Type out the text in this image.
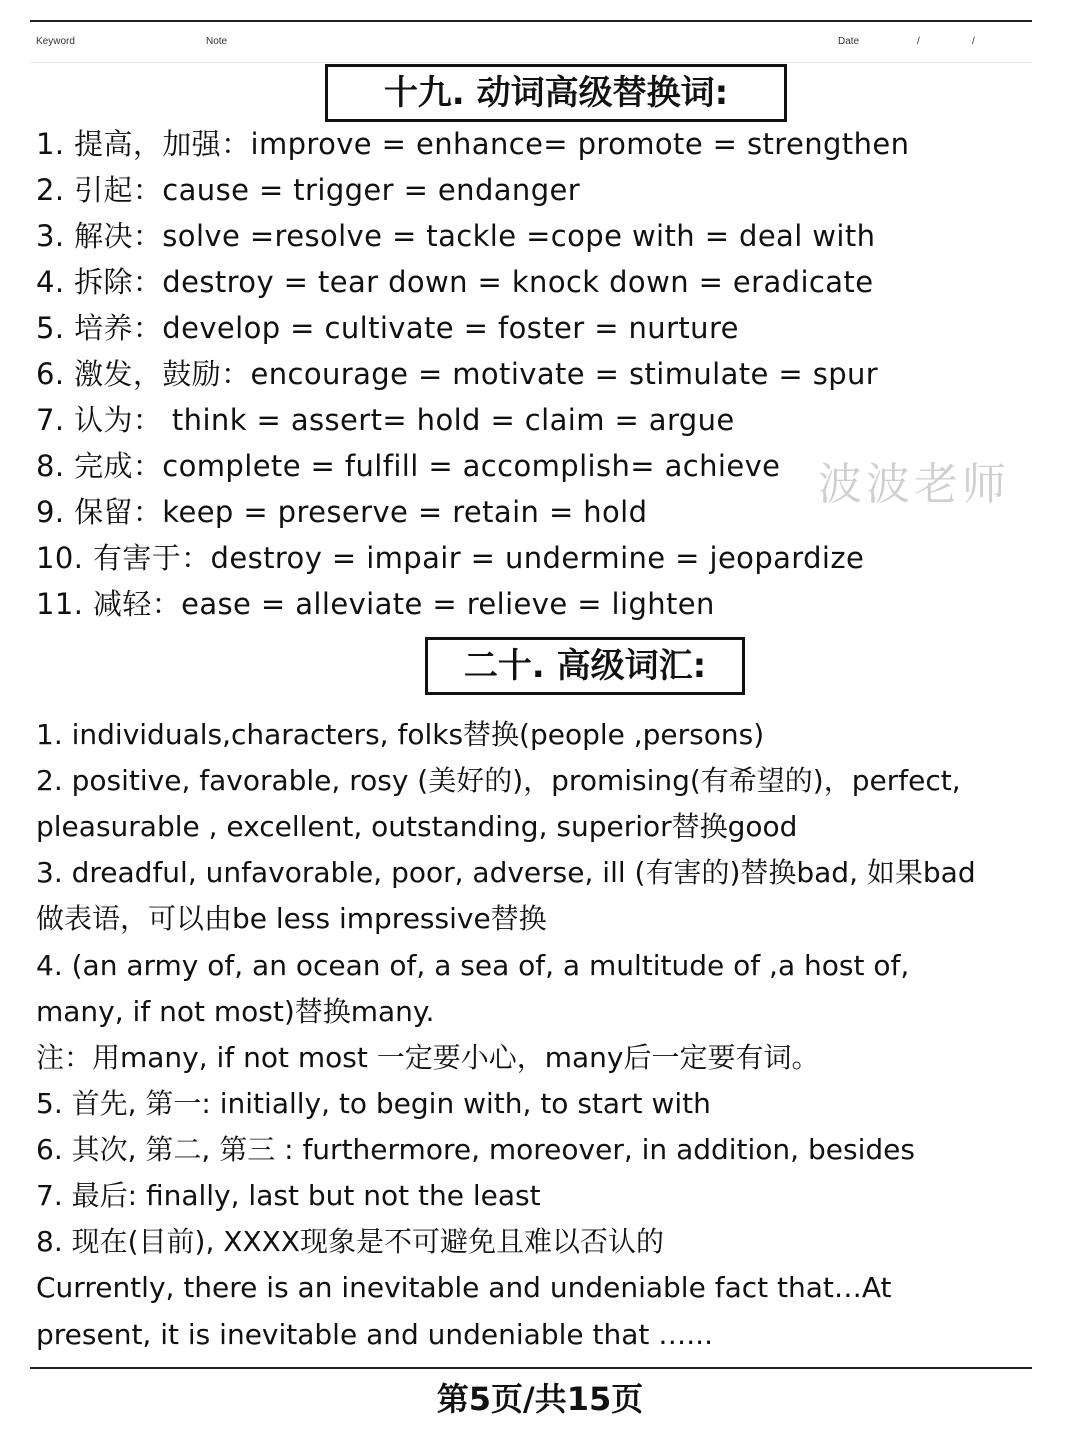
Keyword	Note	Date	/	/
十九. 动词高级替换词:
1. 提高，加强：improve = enhance= promote = strengthen
2. 引起：cause = trigger = endanger
3. 解决：solve =resolve = tackle =cope with = deal with
4. 拆除：destroy = tear down = knock down = eradicate
5. 培养：develop = cultivate = foster = nurture
6. 激发，鼓励：encourage = motivate = stimulate = spur
7. 认为： think = assert= hold = claim = argue
8. 完成：complete = fulfill = accomplish= achieve
9. 保留：keep = preserve = retain = hold
10. 有害于：destroy = impair = undermine = jeopardize
11. 减轻：ease = alleviate = relieve = lighten
波波老师
二十. 高级词汇:
1. individuals,characters, folks替换(people ,persons)
2. positive, favorable, rosy (美好的)，promising(有希望的)，perfect,
pleasurable , excellent, outstanding, superior替换good
3. dreadful, unfavorable, poor, adverse, ill (有害的)替换bad, 如果bad
做表语，可以由be less impressive替换
4. (an army of, an ocean of, a sea of, a multitude of ,a host of,
many, if not most)替换many.
注：用many, if not most 一定要小心，many后一定要有词。
5. 首先, 第一: initially, to begin with, to start with
6. 其次, 第二, 第三 : furthermore, moreover, in addition, besides
7. 最后: finally, last but not the least
8. 现在(目前), XXXX现象是不可避免且难以否认的
Currently, there is an inevitable and undeniable fact that…At
present, it is inevitable and undeniable that …...
第5页/共15页
